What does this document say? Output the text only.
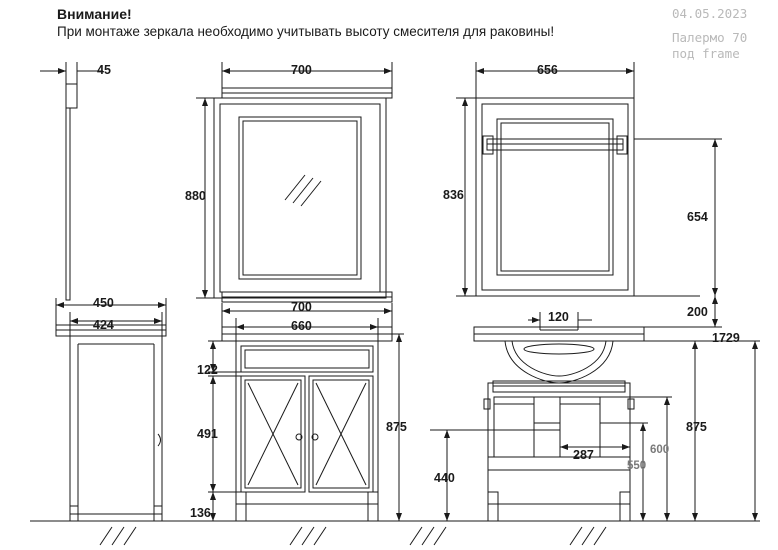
Внимание!
При монтаже зеркала необходимо учитывать высоту смесителя для раковины!
04.05.2023
Палермо 70
под frame
45
450
424
700
880
700
660
122
491
136
875
656
836
654
200
1729
120
875
600
550
287
440
